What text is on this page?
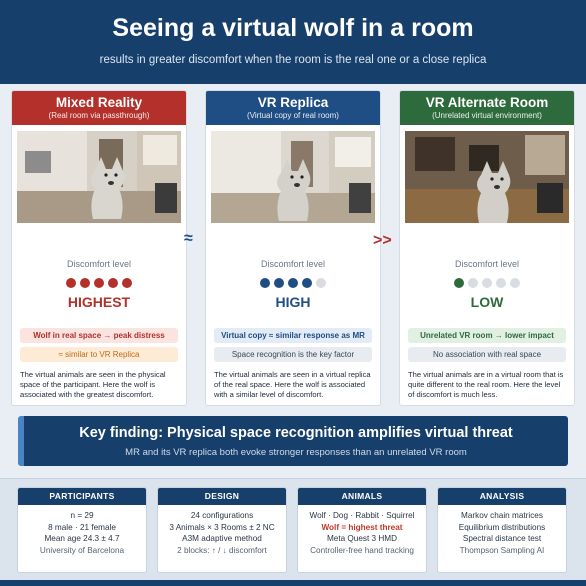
Seeing a virtual wolf in a room

results in greater discomfort when the room is the real one or a close replica

Mixed Reality
(Real room via passthrough)
Discomfort level
HIGHEST
Wolf in real space → peak distress
≈ similar to VR Replica
The virtual animals are seen in the physical space of the participant. Here the wolf is associated with the greatest discomfort.
VR Replica
(Virtual copy of real room)
Discomfort level
HIGH
Virtual copy ≈ similar response as MR
Space recognition is the key factor
The virtual animals are seen in a virtual replica of the real space. Here the wolf is associated with a similar level of discomfort.
VR Alternate Room
(Unrelated virtual environment)
Discomfort level
LOW
Unrelated VR room → lower impact
No association with real space
The virtual animals are in a virtual room that is quite different to the real room. Here the level of discomfort is much less.
≈	>>
Key finding: Physical space recognition amplifies virtual threat
MR and its VR replica both evoke stronger responses than an unrelated VR room
PARTICIPANTS
n = 29
8 male · 21 female
Mean age 24.3 ± 4.7
University of Barcelona
DESIGN
24 configurations
3 Animals × 3 Rooms ± 2 NC
A3M adaptive method
2 blocks: ↑ / ↓ discomfort
ANIMALS
Wolf · Dog · Rabbit · Squirrel
Wolf = highest threat
Meta Quest 3 HMD
Controller-free hand tracking
ANALYSIS
Markov chain matrices
Equilibrium distributions
Spectral distance test
Thompson Sampling AI
